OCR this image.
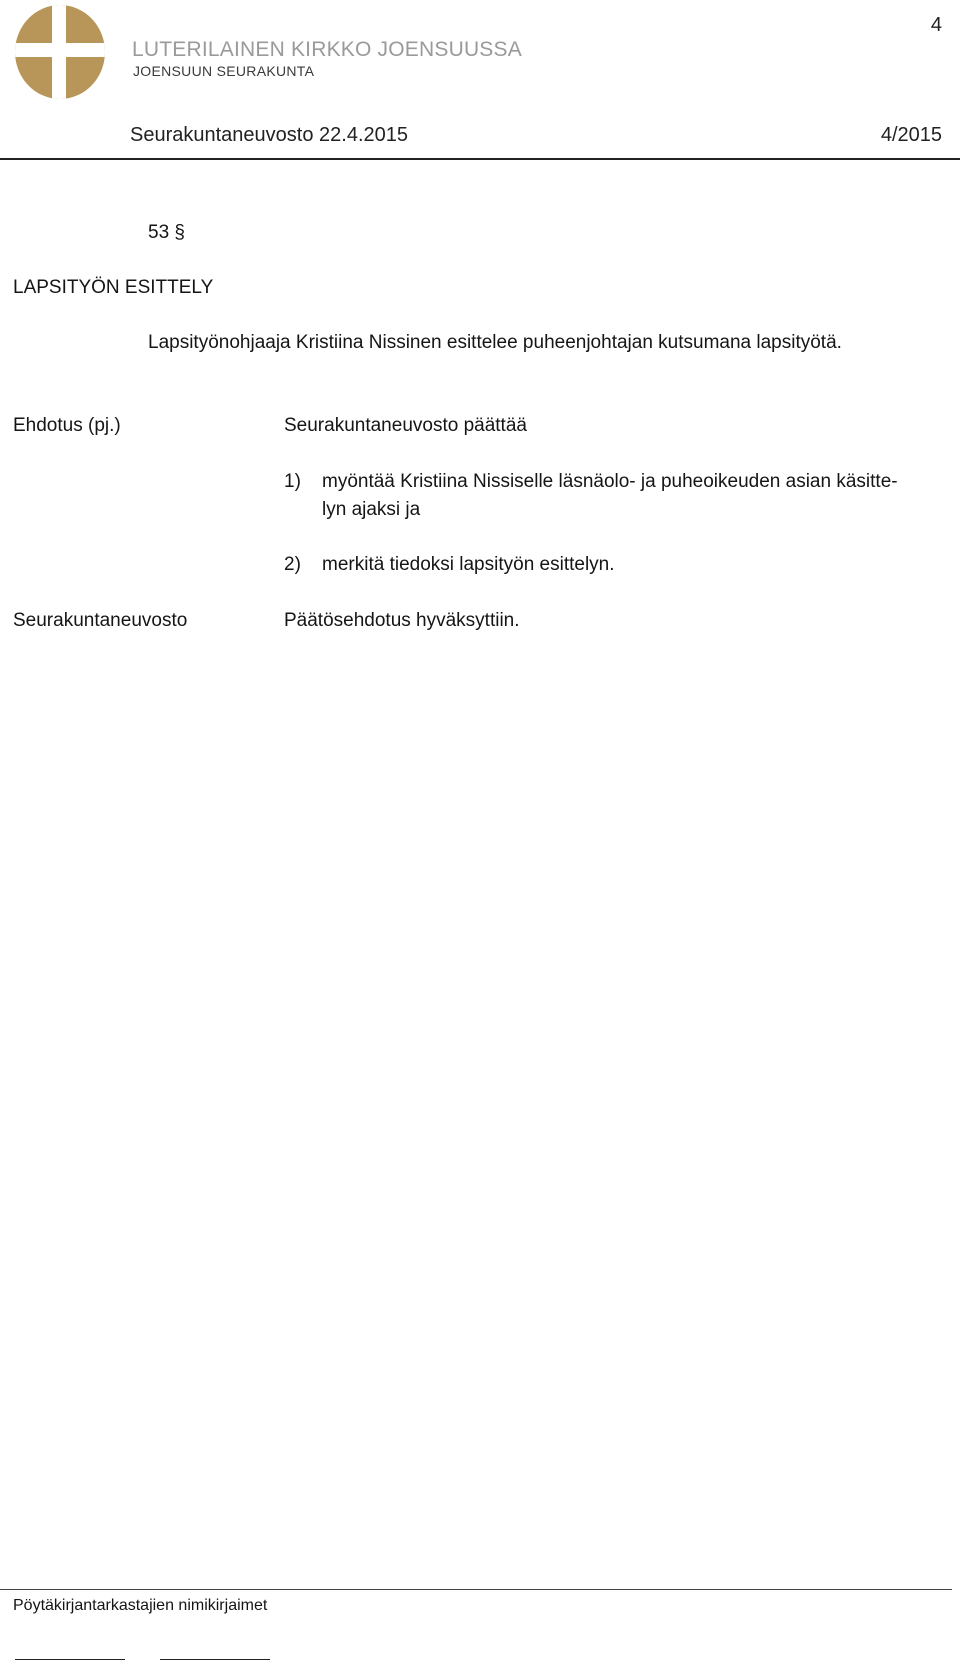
LUTERILAINEN KIRKKO JOENSUUSSA
JOENSUUN SEURAKUNTA
4
Seurakuntaneuvosto 22.4.2015	4/2015
53 §
LAPSITYÖN ESITTELY
Lapsityönohjaaja Kristiina Nissinen esittelee puheenjohtajan kutsumana lapsityötä.
Ehdotus (pj.)	Seurakuntaneuvosto päättää
1) myöntää Kristiina Nissiselle läsnäolo- ja puheoikeuden asian käsitte-
lyn ajaksi ja
2) merkitä tiedoksi lapsityön esittelyn.
Seurakuntaneuvosto	Päätösehdotus hyväksyttiin.
Pöytäkirjantarkastajien nimikirjaimet
